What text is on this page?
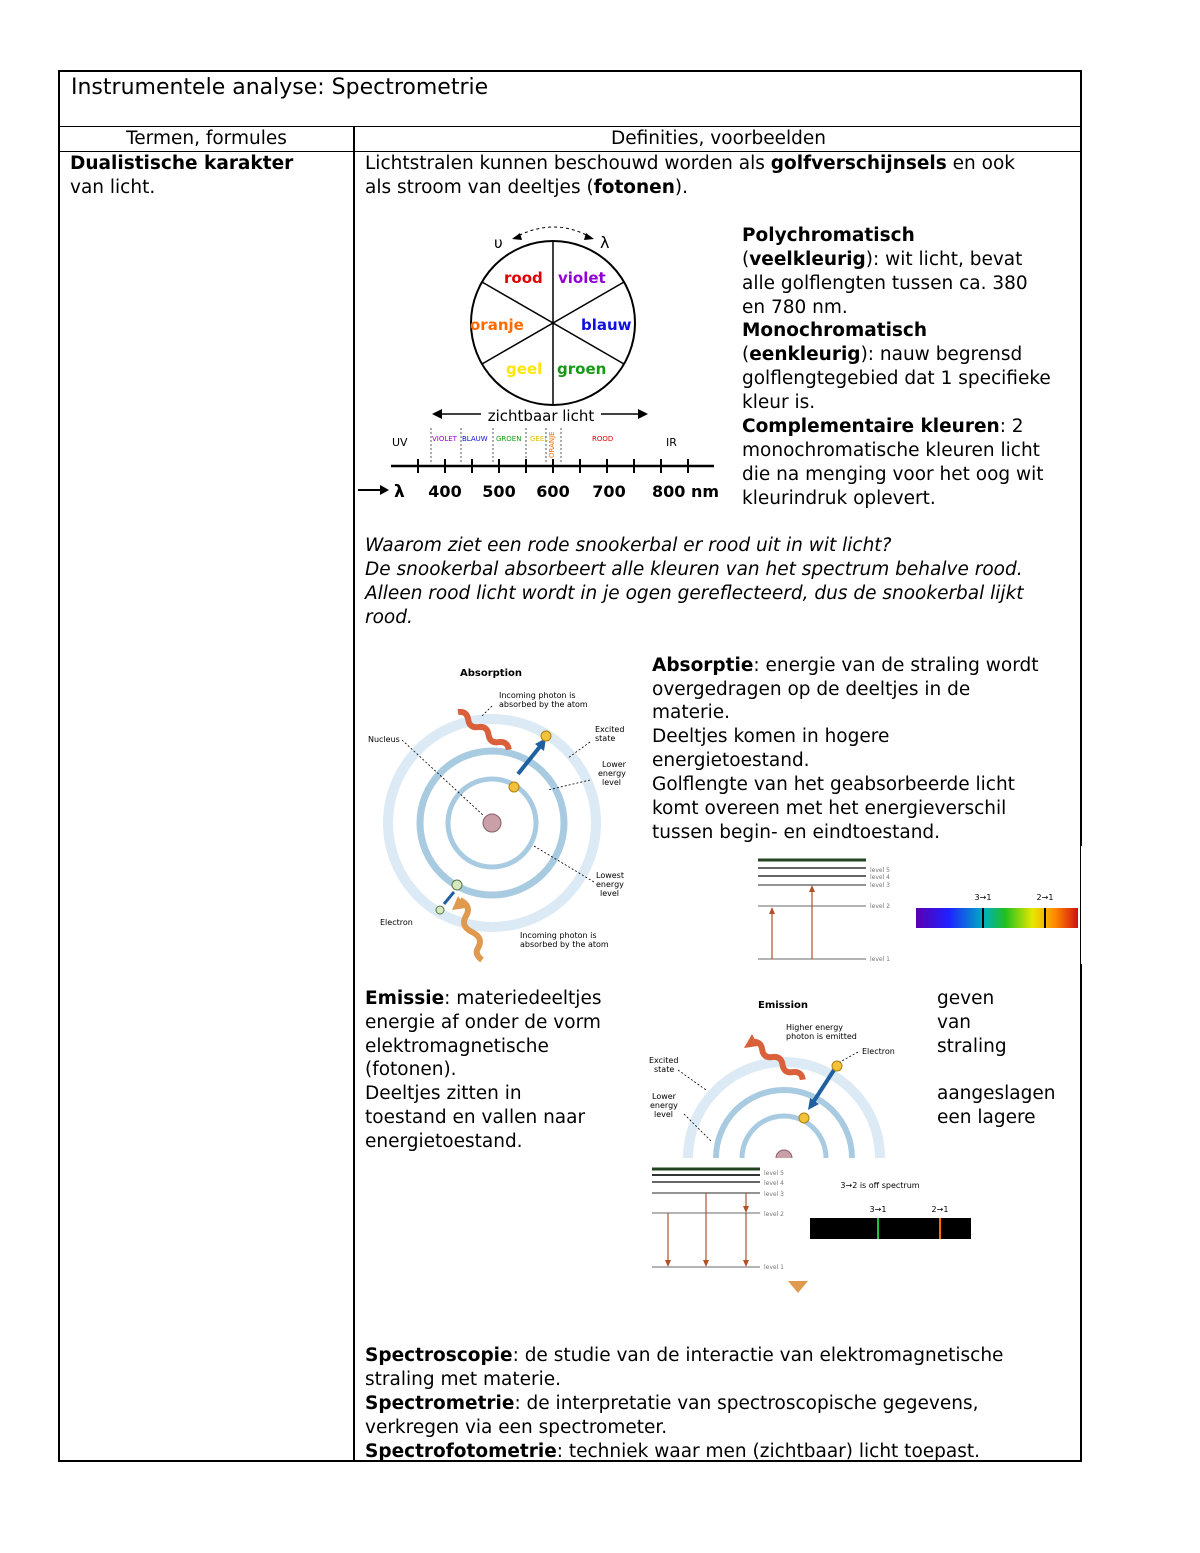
Instrumentele analyse: Spectrometrie
Termen, formules	Definities, voorbeelden
Dualistische karakter
van licht.
Lichtstralen kunnen beschouwd worden als golfverschijnsels en ook
als stroom van deeltjes (fotonen).
υ	λ
rood violet
oranje	blauw
geel groen
zichtbaar licht
UV	IR
VIOLET BLAUW GROEN GEEL ORANJE	ROOD
λ 400 500 600 700 800 nm
Polychromatisch
(veelkleurig): wit licht, bevat
alle golflengten tussen ca. 380
en 780 nm.
Monochromatisch
(eenkleurig): nauw begrensd
golflengtegebied dat 1 specifieke
kleur is.
Complementaire kleuren: 2
monochromatische kleuren licht
die na menging voor het oog wit
kleurindruk oplevert.
Waarom ziet een rode snookerbal er rood uit in wit licht?
De snookerbal absorbeert alle kleuren van het spectrum behalve rood.
Alleen rood licht wordt in je ogen gereflecteerd, dus de snookerbal lijkt
rood.
Absorption
Incoming photon is
absorbed by the atom
Nucleus
Excited
state
Lower
energy
level
Lowest
energy
level
Electron
Incoming photon is
absorbed by the atom
Absorptie: energie van de straling wordt
overgedragen op de deeltjes in de
materie.
Deeltjes komen in hogere
energietoestand.
Golflengte van het geabsorbeerde licht
komt overeen met het energieverschil
tussen begin- en eindtoestand.
level 5
level 4
level 3
level 2
level 1
3→1	2→1
Emissie: materiedeeltjes
energie af onder de vorm
elektromagnetische
(fotonen).
Deeltjes zitten in
toestand en vallen naar
energietoestand.
geven
van
straling
aangeslagen
een lagere
Emission
Higher energy
photon is emitted
Electron
Excited
state
Lower
energy
level
level 5
level 4
level 3
level 2
level 1
3→2 is off spectrum
3→1	2→1
Spectroscopie: de studie van de interactie van elektromagnetische
straling met materie.
Spectrometrie: de interpretatie van spectroscopische gegevens,
verkregen via een spectrometer.
Spectrofotometrie: techniek waar men (zichtbaar) licht toepast.
